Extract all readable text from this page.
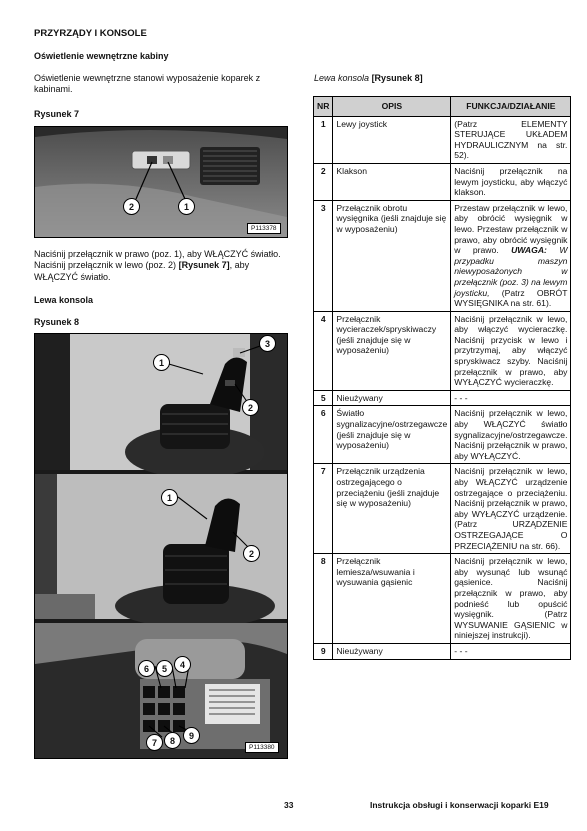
PRZYRZĄDY I KONSOLE
Oświetlenie wewnętrzne kabiny
Oświetlenie wewnętrzne stanowi wyposażenie koparek z kabinami.
Rysunek 7
2	1
P113378
Naciśnij przełącznik w prawo (poz. 1), aby WŁĄCZYĆ światło. Naciśnij przełącznik w lewo (poz. 2) [Rysunek 7], aby WŁĄCZYĆ światło.
Lewa konsola
Rysunek 8
1
3
2
1
2
6	5	4
7	8	9
P113380
Lewa konsola [Rysunek 8]
NR	OPIS	FUNKCJA/DZIAŁANIE
1	Lewy joystick	(Patrz ELEMENTY STERUJĄCE UKŁADEM HYDRAULICZNYM na str. 52).
2	Klakson	Naciśnij przełącznik na lewym joysticku, aby włączyć klakson.
3	Przełącznik obrotu wysięgnika (jeśli znajduje się w wyposażeniu)	Przestaw przełącznik w lewo, aby obrócić wysięgnik w lewo. Przestaw przełącznik w prawo, aby obrócić wysięgnik w prawo. UWAGA: W przypadku maszyn niewyposażonych w przełącznik (poz. 3) na lewym joysticku, (Patrz OBRÓT WYSIĘGNIKA na str. 61).
4	Przełącznik wycieraczek/spryskiwaczy (jeśli znajduje się w wyposażeniu)	Naciśnij przełącznik w lewo, aby włączyć wycieraczkę. Naciśnij przycisk w lewo i przytrzymaj, aby włączyć spryskiwacz szyby. Naciśnij przełącznik w prawo, aby WYŁĄCZYĆ wycieraczkę.
5	Nieużywany	- - -
6	Światło sygnalizacyjne/ostrzegawcze (jeśli znajduje się w wyposażeniu)	Naciśnij przełącznik w lewo, aby WŁĄCZYĆ światło sygnalizacyjne/ostrzegawcze. Naciśnij przełącznik w prawo, aby WYŁĄCZYĆ.
7	Przełącznik urządzenia ostrzegającego o przeciążeniu (jeśli znajduje się w wyposażeniu)	Naciśnij przełącznik w lewo, aby WŁĄCZYĆ urządzenie ostrzegające o przeciążeniu. Naciśnij przełącznik w prawo, aby WYŁĄCZYĆ urządzenie. (Patrz URZĄDZENIE OSTRZEGAJĄCE O PRZECIĄŻENIU na str. 66).
8	Przełącznik lemiesza/wsuwania i wysuwania gąsienic	Naciśnij przełącznik w lewo, aby wysunąć lub wsunąć gąsienice. Naciśnij przełącznik w prawo, aby podnieść lub opuścić wysięgnik. (Patrz WYSUWANIE GĄSIENIC w niniejszej instrukcji).
9	Nieużywany	- - -
33	Instrukcja obsługi i konserwacji koparki E19
